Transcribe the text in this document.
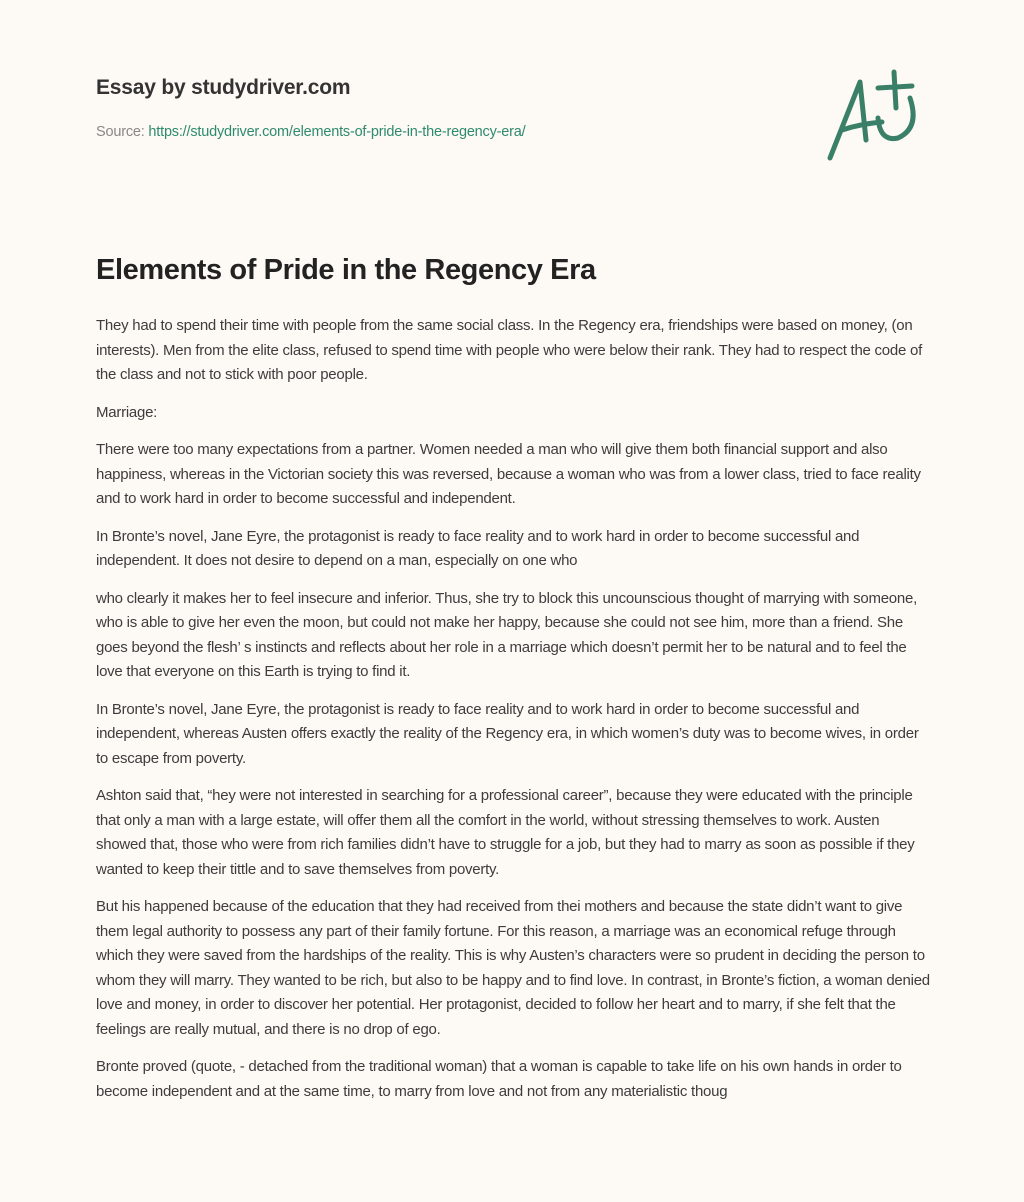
Essay by studydriver.com
Source: https://studydriver.com/elements-of-pride-in-the-regency-era/
Elements of Pride in the Regency Era

They had to spend their time with people from the same social class. In the Regency era, friendships were based on money, (on interests). Men from the elite class, refused to spend time with people who were below their rank. They had to respect the code of the class and not to stick with poor people.

Marriage:

There were too many expectations from a partner. Women needed a man who will give them both financial support and also happiness, whereas in the Victorian society this was reversed, because a woman who was from a lower class, tried to face reality and to work hard in order to become successful and independent.

In Bronte’s novel, Jane Eyre, the protagonist is ready to face reality and to work hard in order to become successful and independent. It does not desire to depend on a man, especially on one who

who clearly it makes her to feel insecure and inferior. Thus, she try to block this uncounscious thought of marrying with someone, who is able to give her even the moon, but could not make her happy, because she could not see him, more than a friend. She goes beyond the flesh’ s instincts and reflects about her role in a marriage which doesn’t permit her to be natural and to feel the love that everyone on this Earth is trying to find it.

In Bronte’s novel, Jane Eyre, the protagonist is ready to face reality and to work hard in order to become successful and independent, whereas Austen offers exactly the reality of the Regency era, in which women’s duty was to become wives, in order to escape from poverty.

Ashton said that, “hey were not interested in searching for a professional career”, because they were educated with the principle that only a man with a large estate, will offer them all the comfort in the world, without stressing themselves to work. Austen showed that, those who were from rich families didn’t have to struggle for a job, but they had to marry as soon as possible if they wanted to keep their tittle and to save themselves from poverty.

But his happened because of the education that they had received from thei mothers and because the state didn’t want to give them legal authority to possess any part of their family fortune. For this reason, a marriage was an economical refuge through which they were saved from the hardships of the reality. This is why Austen’s characters were so prudent in deciding the person to whom they will marry. They wanted to be rich, but also to be happy and to find love. In contrast, in Bronte’s fiction, a woman denied love and money, in order to discover her potential. Her protagonist, decided to follow her heart and to marry, if she felt that the feelings are really mutual, and there is no drop of ego.

Bronte proved (quote, - detached from the traditional woman) that a woman is capable to take life on his own hands in order to become independent and at the same time, to marry from love and not from any materialistic thoug
